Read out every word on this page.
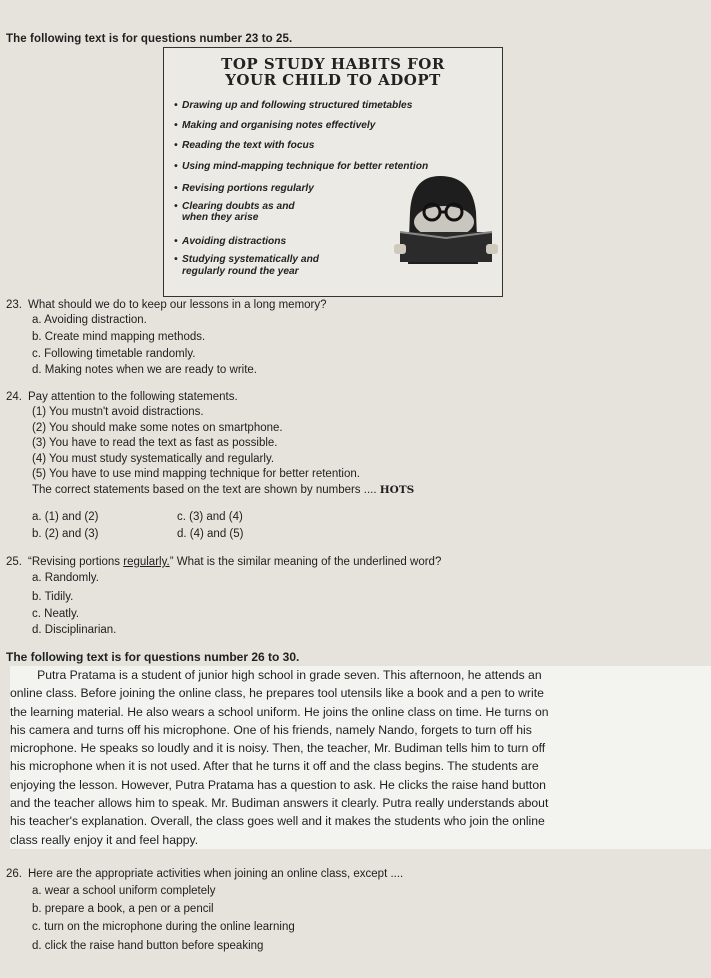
The following text is for questions number 23 to 25.
TOP STUDY HABITS FOR
YOUR CHILD TO ADOPT
• Drawing up and following structured timetables
• Making and organising notes effectively
• Reading the text with focus
• Using mind-mapping technique for better retention
• Revising portions regularly
• Clearing doubts as and
when they arise
• Avoiding distractions
• Studying systematically and
regularly round the year
23. What should we do to keep our lessons in a long memory?
a. Avoiding distraction.
b. Create mind mapping methods.
c. Following timetable randomly.
d. Making notes when we are ready to write.
24. Pay attention to the following statements.
(1) You mustn't avoid distractions.
(2) You should make some notes on smartphone.
(3) You have to read the text as fast as possible.
(4) You must study systematically and regularly.
(5) You have to use mind mapping technique for better retention.
The correct statements based on the text are shown by numbers .... HOTS
a. (1) and (2)	c. (3) and (4)
b. (2) and (3)	d. (4) and (5)
25. “Revising portions regularly.” What is the similar meaning of the underlined word?
a. Randomly.
b. Tidily.
c. Neatly.
d. Disciplinarian.
The following text is for questions number 26 to 30.

Putra Pratama is a student of junior high school in grade seven. This afternoon, he attends an

online class. Before joining the online class, he prepares tool utensils like a book and a pen to write

the learning material. He also wears a school uniform. He joins the online class on time. He turns on

his camera and turns off his microphone. One of his friends, namely Nando, forgets to turn off his

microphone. He speaks so loudly and it is noisy. Then, the teacher, Mr. Budiman tells him to turn off

his microphone when it is not used. After that he turns it off and the class begins. The students are

enjoying the lesson. However, Putra Pratama has a question to ask. He clicks the raise hand button

and the teacher allows him to speak. Mr. Budiman answers it clearly. Putra really understands about

his teacher's explanation. Overall, the class goes well and it makes the students who join the online

class really enjoy it and feel happy.

26. Here are the appropriate activities when joining an online class, except ....
a. wear a school uniform completely
b. prepare a book, a pen or a pencil
c. turn on the microphone during the online learning
d. click the raise hand button before speaking
